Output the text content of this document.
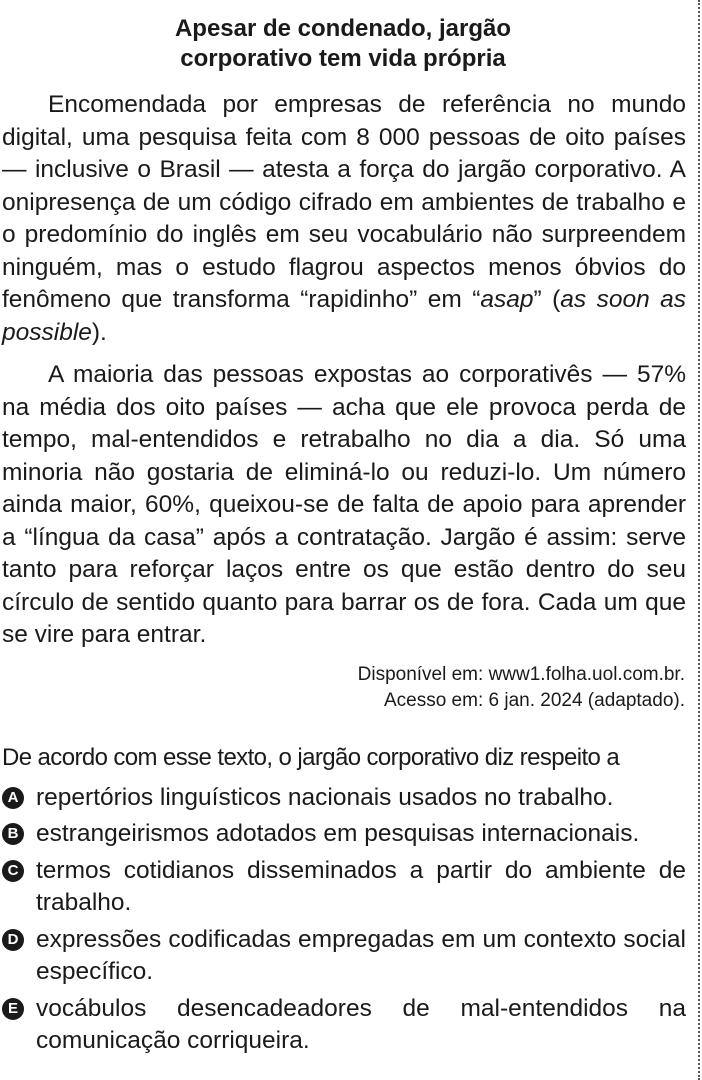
Apesar de condenado, jargão
corporativo tem vida própria

Encomendada por empresas de referência no mundo digital, uma pesquisa feita com 8 000 pessoas de oito países — inclusive o Brasil — atesta a força do jargão corporativo. A onipresença de um código cifrado em ambientes de trabalho e o predomínio do inglês em seu vocabulário não surpreendem ninguém, mas o estudo flagrou aspectos menos óbvios do fenômeno que transforma “rapidinho” em “asap” (as soon as possible).

A maioria das pessoas expostas ao corporativês — 57% na média dos oito países — acha que ele provoca perda de tempo, mal-entendidos e retrabalho no dia a dia. Só uma minoria não gostaria de eliminá-lo ou reduzi-lo. Um número ainda maior, 60%, queixou-se de falta de apoio para aprender a “língua da casa” após a contratação. Jargão é assim: serve tanto para reforçar laços entre os que estão dentro do seu círculo de sentido quanto para barrar os de fora. Cada um que se vire para entrar.

Disponível em: www1.folha.uol.com.br.
Acesso em: 6 jan. 2024 (adaptado).
De acordo com esse texto, o jargão corporativo diz respeito a
A repertórios linguísticos nacionais usados no trabalho.
B estrangeirismos adotados em pesquisas internacionais.
C termos cotidianos disseminados a partir do ambiente de trabalho.
D expressões codificadas empregadas em um contexto social específico.
E vocábulos desencadeadores de mal-entendidos na comunicação corriqueira.
